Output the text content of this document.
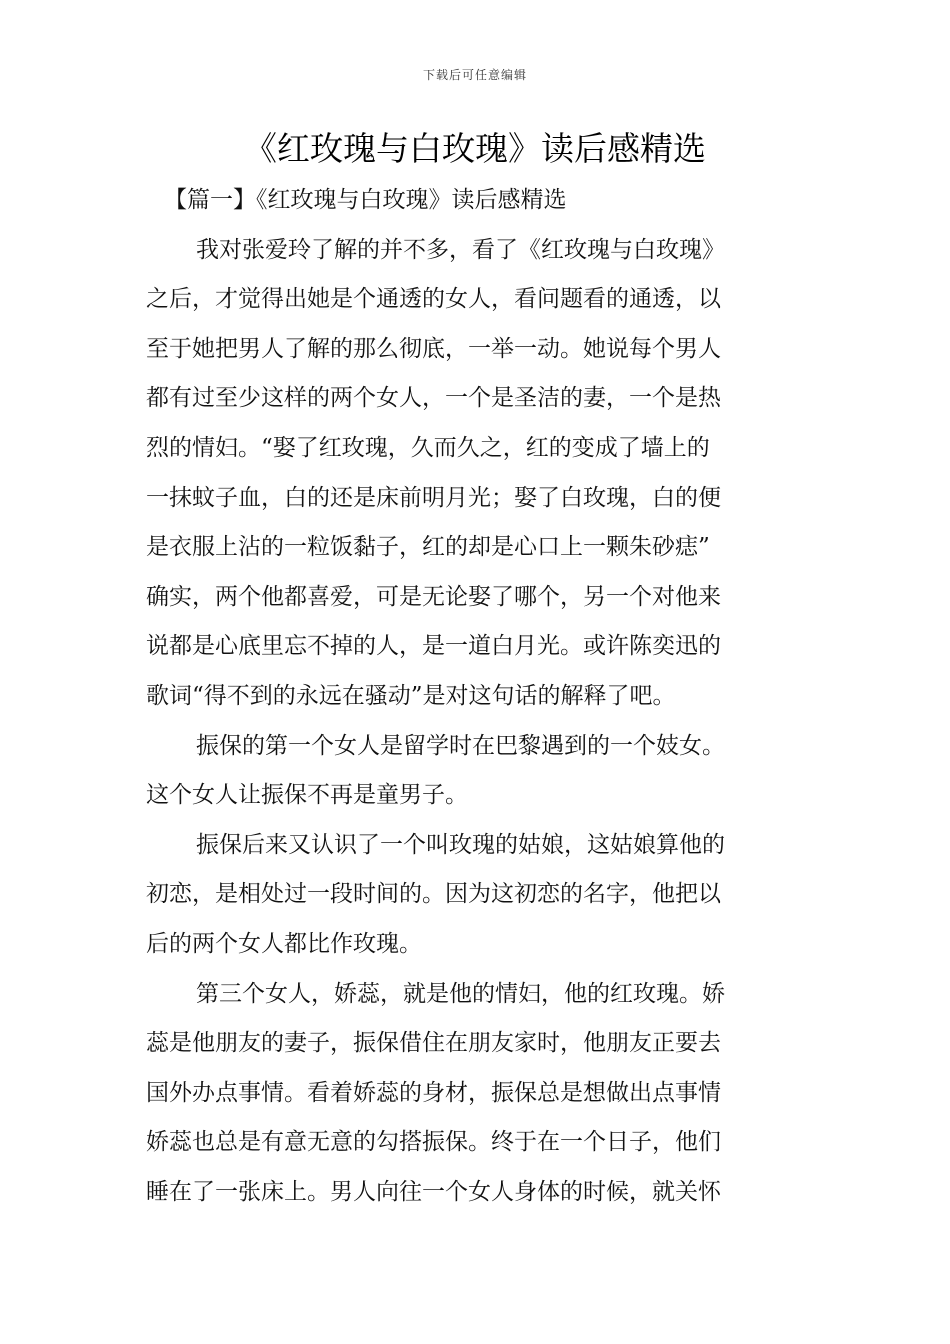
下载后可任意编辑
《红玫瑰与白玫瑰》读后感精选
【篇一】《红玫瑰与白玫瑰》读后感精选
我对张爱玲了解的并不多，看了《红玫瑰与白玫瑰》
之后，才觉得出她是个通透的女人，看问题看的通透，以
至于她把男人了解的那么彻底，一举一动。她说每个男人
都有过至少这样的两个女人，一个是圣洁的妻，一个是热
烈的情妇。“娶了红玫瑰，久而久之，红的变成了墙上的
一抹蚊子血，白的还是床前明月光；娶了白玫瑰，白的便
是衣服上沾的一粒饭黏子，红的却是心口上一颗朱砂痣”
确实，两个他都喜爱，可是无论娶了哪个，另一个对他来
说都是心底里忘不掉的人，是一道白月光。或许陈奕迅的
歌词“得不到的永远在骚动”是对这句话的解释了吧。
振保的第一个女人是留学时在巴黎遇到的一个妓女。
这个女人让振保不再是童男子。
振保后来又认识了一个叫玫瑰的姑娘，这姑娘算他的
初恋，是相处过一段时间的。因为这初恋的名字，他把以
后的两个女人都比作玫瑰。
第三个女人，娇蕊，就是他的情妇，他的红玫瑰。娇
蕊是他朋友的妻子，振保借住在朋友家时，他朋友正要去
国外办点事情。看着娇蕊的身材，振保总是想做出点事情
娇蕊也总是有意无意的勾搭振保。终于在一个日子，他们
睡在了一张床上。男人向往一个女人身体的时候，就关怀
